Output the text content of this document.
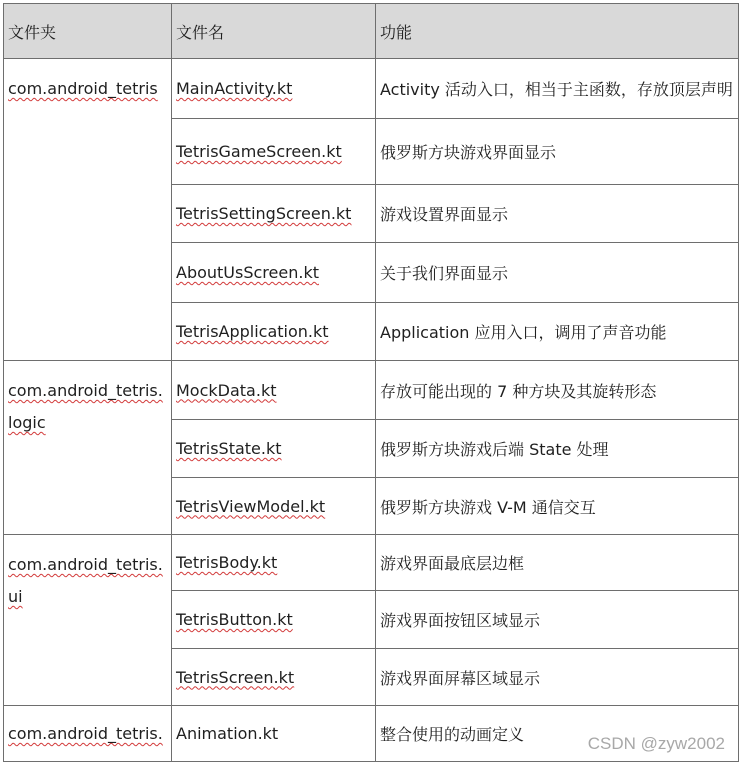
文件夹	文件名	功能
com.android_tetris	MainActivity.kt	Activity 活动入口，相当于主函数，存放顶层声明
	TetrisGameScreen.kt	俄罗斯方块游戏界面显示
	TetrisSettingScreen.kt	游戏设置界面显示
	AboutUsScreen.kt	关于我们界面显示
	TetrisApplication.kt	Application 应用入口，调用了声音功能
com.android_tetris.logic	MockData.kt	存放可能出现的 7 种方块及其旋转形态
	TetrisState.kt	俄罗斯方块游戏后端 State 处理
	TetrisViewModel.kt	俄罗斯方块游戏 V-M 通信交互
com.android_tetris.ui	TetrisBody.kt	游戏界面最底层边框
	TetrisButton.kt	游戏界面按钮区域显示
	TetrisScreen.kt	游戏界面屏幕区域显示
com.android_tetris.	Animation.kt	整合使用的动画定义	CSDN @zyw2002
